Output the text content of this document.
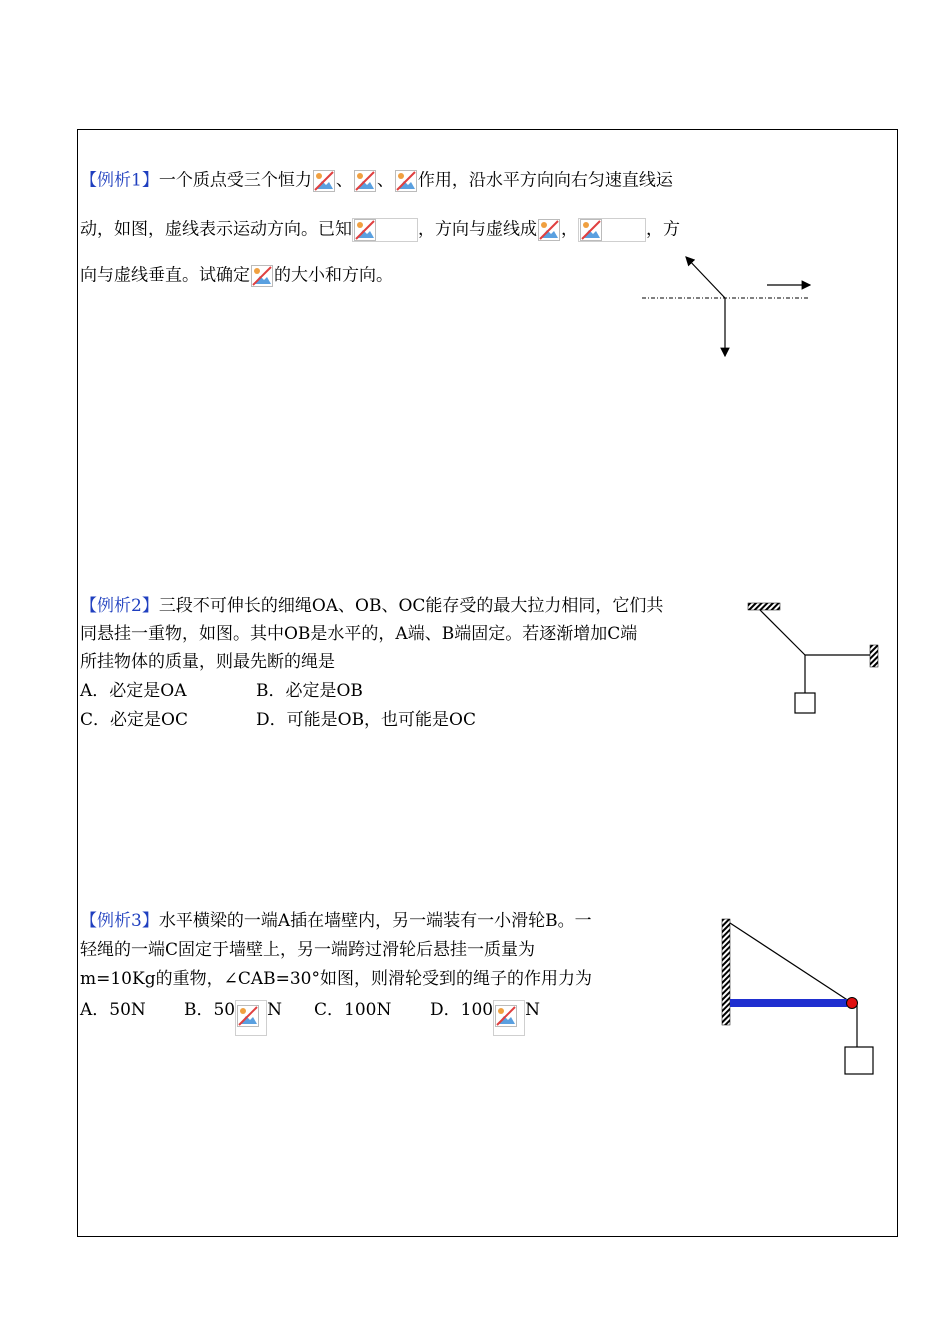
【例析1】一个质点受三个恒力 、 、 作用，沿水平方向向右匀速直线运
动，如图，虚线表示运动方向。已知	，方向与虚线成 ，	，方
向与虚线垂直。试确定 的大小和方向。
【例析2】三段不可伸长的细绳OA、OB、OC能存受的最大拉力相同，它们共
同悬挂一重物，如图。其中OB是水平的，A端、B端固定。若逐渐增加C端
所挂物体的质量，则最先断的绳是
A．必定是OA	B．必定是OB
C．必定是OC	D．可能是OB，也可能是OC
【例析3】水平横梁的一端A插在墙壁内，另一端装有一小滑轮B。一
轻绳的一端C固定于墙壁上，另一端跨过滑轮后悬挂一质量为
m=10Kg的重物，∠CAB=30°如图，则滑轮受到的绳子的作用力为
A．50N B．50 N C．100N D．100 N
